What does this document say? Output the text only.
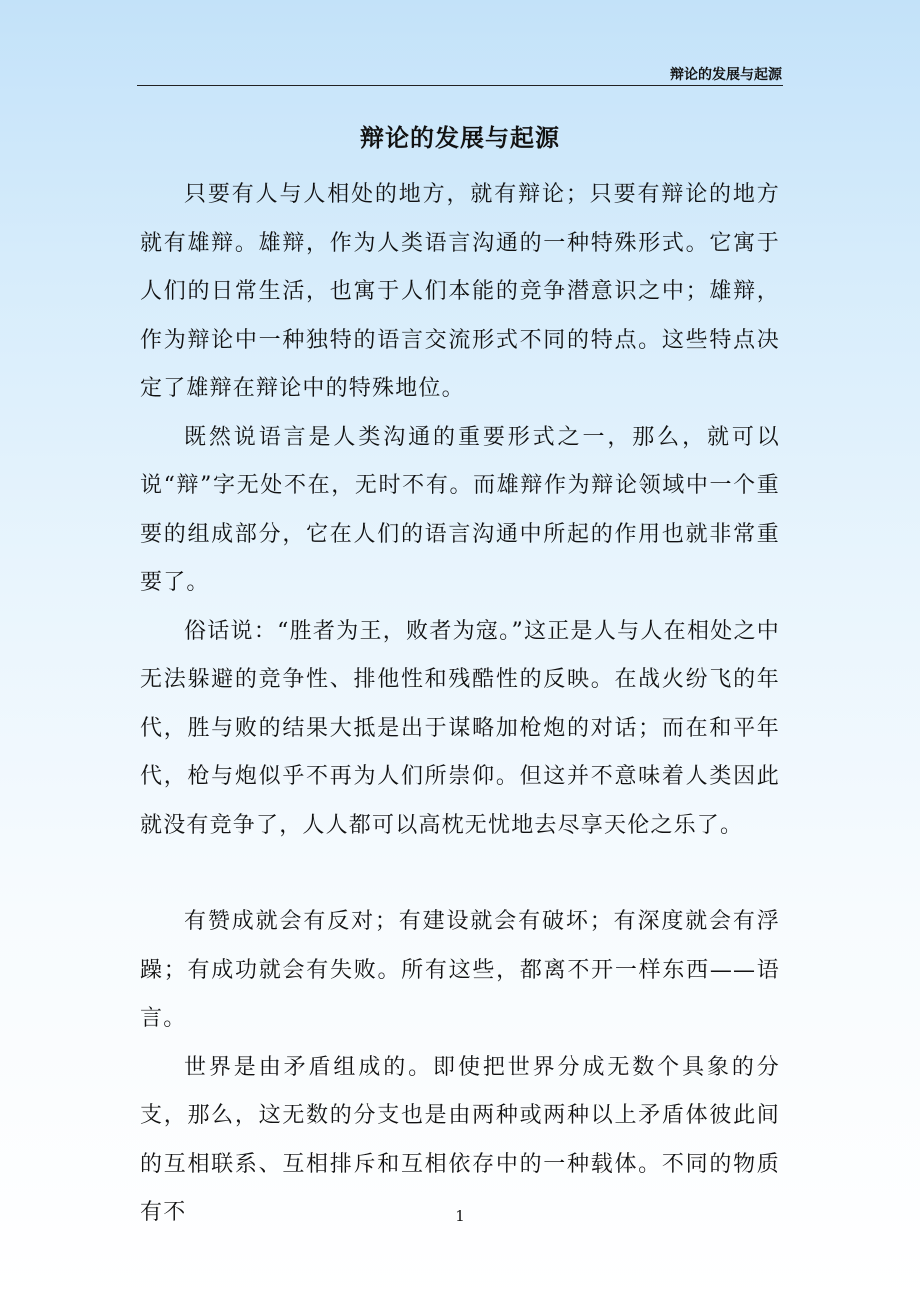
辩论的发展与起源
辩论的发展与起源

只要有人与人相处的地方，就有辩论；只要有辩论的地方就有雄辩。雄辩，作为人类语言沟通的一种特殊形式。它寓于人们的日常生活，也寓于人们本能的竞争潜意识之中；雄辩，作为辩论中一种独特的语言交流形式不同的特点。这些特点决定了雄辩在辩论中的特殊地位。

既然说语言是人类沟通的重要形式之一，那么，就可以说“辩”字无处不在，无时不有。而雄辩作为辩论领域中一个重要的组成部分，它在人们的语言沟通中所起的作用也就非常重要了。

俗话说：“胜者为王，败者为寇。”这正是人与人在相处之中无法躲避的竞争性、排他性和残酷性的反映。在战火纷飞的年代，胜与败的结果大抵是出于谋略加枪炮的对话；而在和平年代，枪与炮似乎不再为人们所崇仰。但这并不意味着人类因此就没有竞争了，人人都可以高枕无忧地去尽享天伦之乐了。

有赞成就会有反对；有建设就会有破坏；有深度就会有浮躁；有成功就会有失败。所有这些，都离不开一样东西——语言。

世界是由矛盾组成的。即使把世界分成无数个具象的分支，那么，这无数的分支也是由两种或两种以上矛盾体彼此间的互相联系、互相排斥和互相依存中的一种载体。不同的物质有不	1
